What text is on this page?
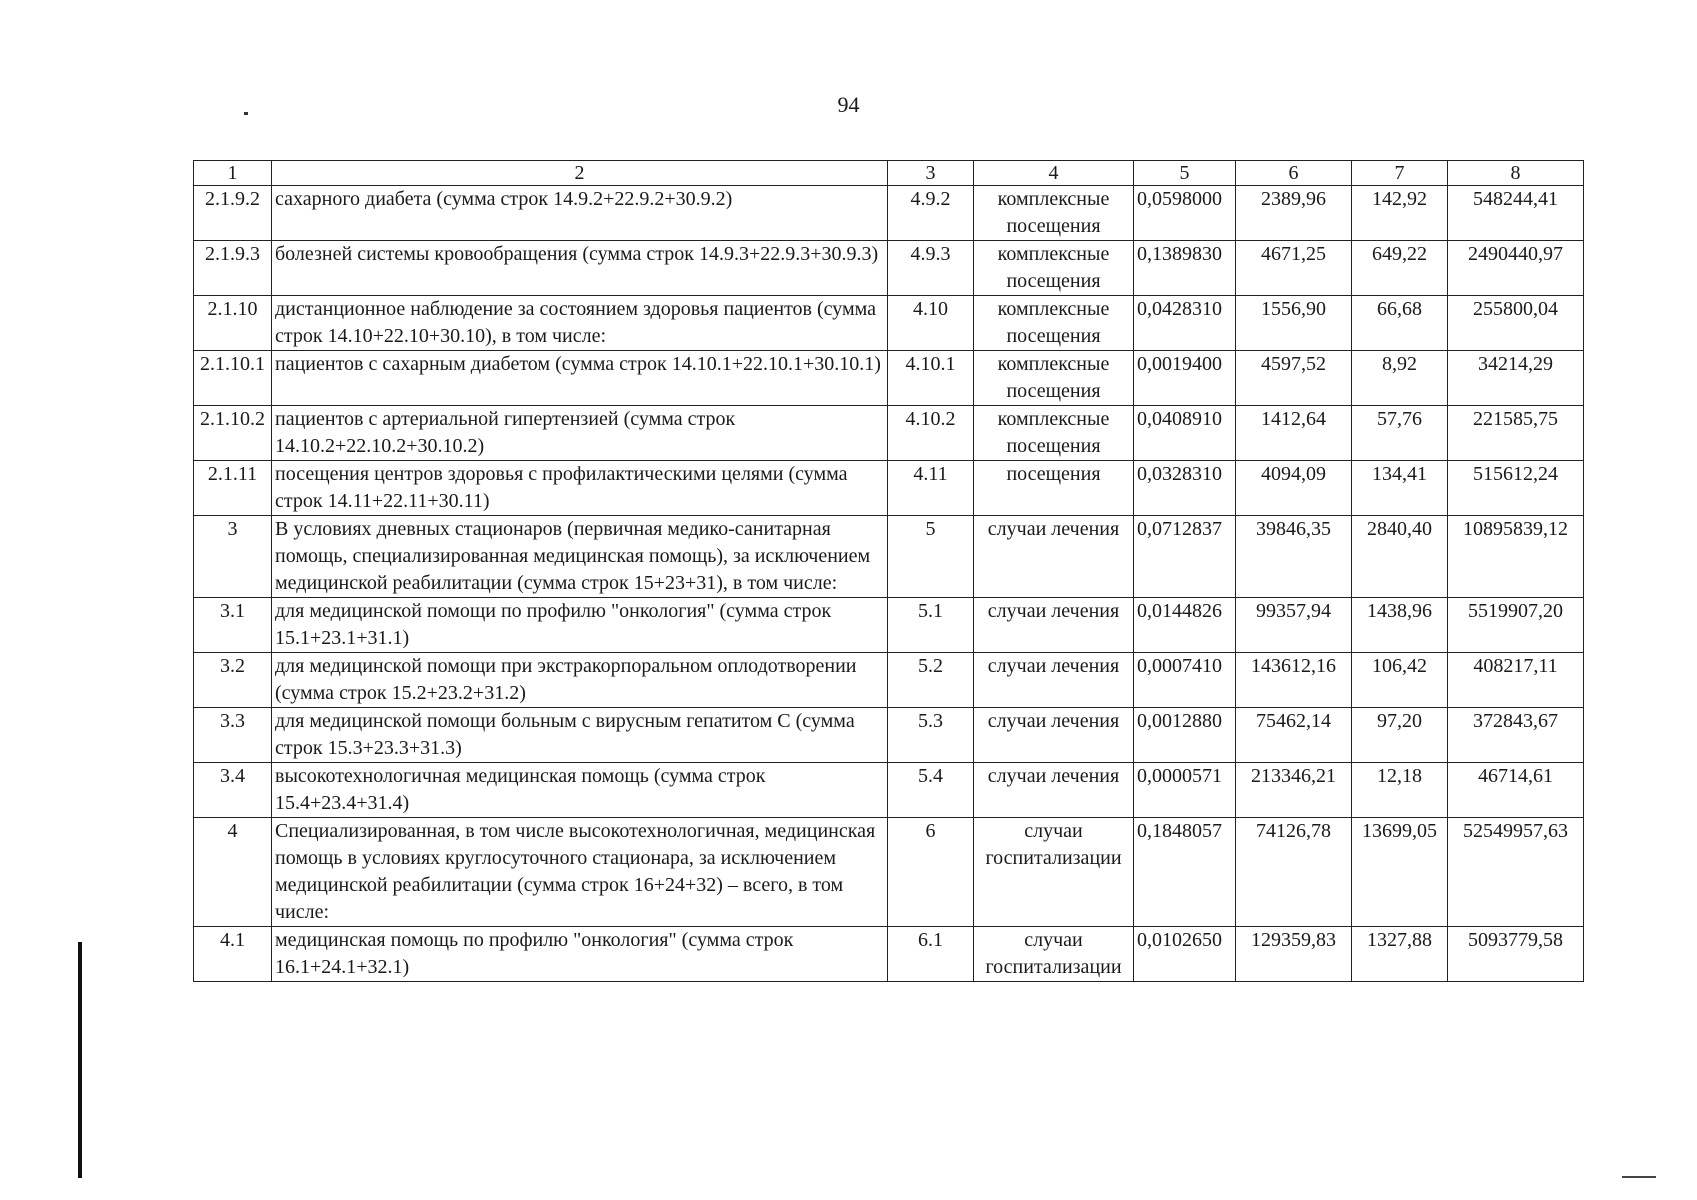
94
1	2	3	4	5	6	7	8
2.1.9.2	сахарного диабета (сумма строк 14.9.2+22.9.2+30.9.2)	4.9.2	комплексные посещения	0,0598000	2389,96	142,92	548244,41
2.1.9.3	болезней системы кровообращения (сумма строк 14.9.3+22.9.3+30.9.3)	4.9.3	комплексные посещения	0,1389830	4671,25	649,22	2490440,97
2.1.10	дистанционное наблюдение за состоянием здоровья пациентов (сумма строк 14.10+22.10+30.10), в том числе:	4.10	комплексные посещения	0,0428310	1556,90	66,68	255800,04
2.1.10.1	пациентов с сахарным диабетом (сумма строк 14.10.1+22.10.1+30.10.1)	4.10.1	комплексные посещения	0,0019400	4597,52	8,92	34214,29
2.1.10.2	пациентов с артериальной гипертензией (сумма строк 14.10.2+22.10.2+30.10.2)	4.10.2	комплексные посещения	0,0408910	1412,64	57,76	221585,75
2.1.11	посещения центров здоровья с профилактическими целями (сумма строк 14.11+22.11+30.11)	4.11	посещения	0,0328310	4094,09	134,41	515612,24
3	В условиях дневных стационаров (первичная медико-санитарная помощь, специализированная медицинская помощь), за исключением медицинской реабилитации (сумма строк 15+23+31), в том числе:	5	случаи лечения	0,0712837	39846,35	2840,40	10895839,12
3.1	для медицинской помощи по профилю "онкология" (сумма строк 15.1+23.1+31.1)	5.1	случаи лечения	0,0144826	99357,94	1438,96	5519907,20
3.2	для медицинской помощи при экстракорпоральном оплодотворении (сумма строк 15.2+23.2+31.2)	5.2	случаи лечения	0,0007410	143612,16	106,42	408217,11
3.3	для медицинской помощи больным с вирусным гепатитом С (сумма строк 15.3+23.3+31.3)	5.3	случаи лечения	0,0012880	75462,14	97,20	372843,67
3.4	высокотехнологичная медицинская помощь (сумма строк 15.4+23.4+31.4)	5.4	случаи лечения	0,0000571	213346,21	12,18	46714,61
4	Специализированная, в том числе высокотехнологичная, медицинская помощь в условиях круглосуточного стационара, за исключением медицинской реабилитации (сумма строк 16+24+32) – всего, в том числе:	6	случаи госпитализации	0,1848057	74126,78	13699,05	52549957,63
4.1	медицинская помощь по профилю "онкология" (сумма строк 16.1+24.1+32.1)	6.1	случаи госпитализации	0,0102650	129359,83	1327,88	5093779,58
